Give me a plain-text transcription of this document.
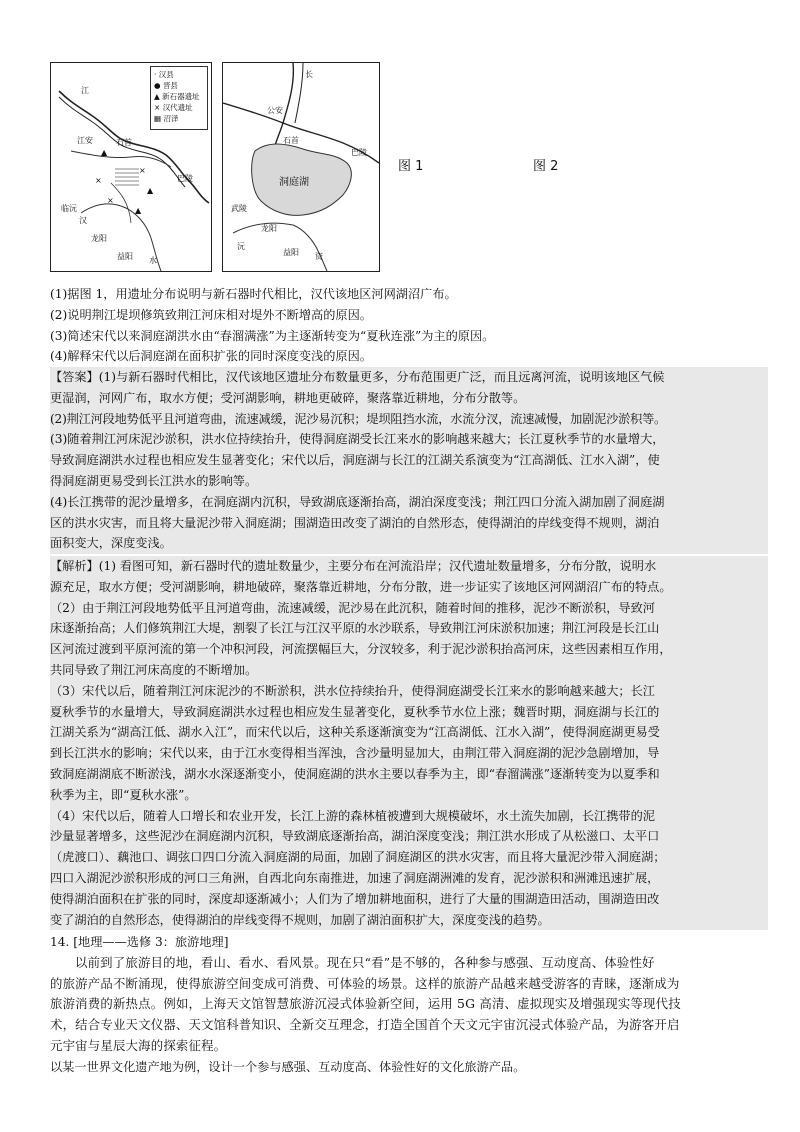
江
江安	石首
巴陵
临沅
汉
龙阳
益阳 水
▲
×
×
▲
×
▲
· 汉县
● 晋县
▲ 新石器遗址
× 汉代遗址
▦ 沼泽
长
公安
石首
巴陵
洞庭湖
武陵
龙阳
益阳 资
沅
图 1	图 2

(1)据图 1，用遗址分布说明与新石器时代相比，汉代该地区河网湖沼广布。

(2)说明荆江堤坝修筑致荆江河床相对堤外不断增高的原因。

(3)简述宋代以来洞庭湖洪水由“春溜满涨”为主逐渐转变为“夏秋连涨”为主的原因。

(4)解释宋代以后洞庭湖在面积扩张的同时深度变浅的原因。

【答案】(1)与新石器时代相比，汉代该地区遗址分布数量更多，分布范围更广泛，而且远离河流，说明该地区气候

更湿润，河网广布，取水方便；受河湖影响，耕地更破碎，聚落靠近耕地，分布分散等。

(2)荆江河段地势低平且河道弯曲，流速减缓，泥沙易沉积；堤坝阻挡水流，水流分汊，流速减慢，加剧泥沙淤积等。

(3)随着荆江河床泥沙淤积，洪水位持续抬升，使得洞庭湖受长江来水的影响越来越大；长江夏秋季节的水量增大，

导致洞庭湖洪水过程也相应发生显著变化；宋代以后，洞庭湖与长江的江湖关系演变为“江高湖低、江水入湖”，使

得洞庭湖更易受到长江洪水的影响等。

(4)长江携带的泥沙量增多，在洞庭湖内沉积，导致湖底逐渐抬高，湖泊深度变浅；荆江四口分流入湖加剧了洞庭湖

区的洪水灾害，而且将大量泥沙带入洞庭湖；围湖造田改变了湖泊的自然形态，使得湖泊的岸线变得不规则，湖泊

面积变大，深度变浅。

【解析】(1) 看图可知，新石器时代的遗址数量少，主要分布在河流沿岸；汉代遗址数量增多，分布分散，说明水

源充足，取水方便；受河湖影响，耕地破碎，聚落靠近耕地，分布分散，进一步证实了该地区河网湖沼广布的特点。

（2）由于荆江河段地势低平且河道弯曲，流速减缓，泥沙易在此沉积，随着时间的推移，泥沙不断淤积，导致河

床逐渐抬高；人们修筑荆江大堤，割裂了长江与江汉平原的水沙联系，导致荆江河床淤积加速；荆江河段是长江山

区河流过渡到平原河流的第一个冲积河段，河流摆幅巨大，分汊较多，利于泥沙淤积抬高河床，这些因素相互作用，

共同导致了荆江河床高度的不断增加。

（3）宋代以后，随着荆江河床泥沙的不断淤积，洪水位持续抬升，使得洞庭湖受长江来水的影响越来越大；长江

夏秋季节的水量增大，导致洞庭湖洪水过程也相应发生显著变化，夏秋季节水位上涨；魏晋时期，洞庭湖与长江的

江湖关系为“湖高江低、湖水入江”，而宋代以后，这种关系逐渐演变为“江高湖低、江水入湖”，使得洞庭湖更易受

到长江洪水的影响；宋代以来，由于江水变得相当浑浊，含沙量明显加大，由荆江带入洞庭湖的泥沙急剧增加，导

致洞庭湖湖底不断淤浅，湖水水深逐渐变小，使洞庭湖的洪水主要以春季为主，即“春溜满涨”逐渐转变为以夏季和

秋季为主，即“夏秋水涨”。

（4）宋代以后，随着人口增长和农业开发，长江上游的森林植被遭到大规模破坏，水土流失加剧，长江携带的泥

沙量显著增多，这些泥沙在洞庭湖内沉积，导致湖底逐渐抬高，湖泊深度变浅；荆江洪水形成了从松滋口、太平口

（虎渡口）、藕池口、调弦口四口分流入洞庭湖的局面，加剧了洞庭湖区的洪水灾害，而且将大量泥沙带入洞庭湖；

四口入湖泥沙淤积形成的河口三角洲，自西北向东南推进，加速了洞庭湖洲滩的发育，泥沙淤积和洲滩迅速扩展，

使得湖泊面积在扩张的同时，深度却逐渐减小；人们为了增加耕地面积，进行了大量的围湖造田活动，围湖造田改

变了湖泊的自然形态，使得湖泊的岸线变得不规则，加剧了湖泊面积扩大，深度变浅的趋势。

14. [地理——选修 3：旅游地理]

以前到了旅游目的地，看山、看水、看风景。现在只“看”是不够的，各种参与感强、互动度高、体验性好

的旅游产品不断涌现，使得旅游空间变成可消费、可体验的场景。这样的旅游产品越来越受游客的青睐，逐渐成为

旅游消费的新热点。例如，上海天文馆智慧旅游沉浸式体验新空间，运用 5G 高清、虚拟现实及增强现实等现代技

术，结合专业天文仪器、天文馆科普知识、全新交互理念，打造全国首个天文元宇宙沉浸式体验产品，为游客开启

元宇宙与星辰大海的探索征程。

以某一世界文化遗产地为例，设计一个参与感强、互动度高、体验性好的文化旅游产品。
